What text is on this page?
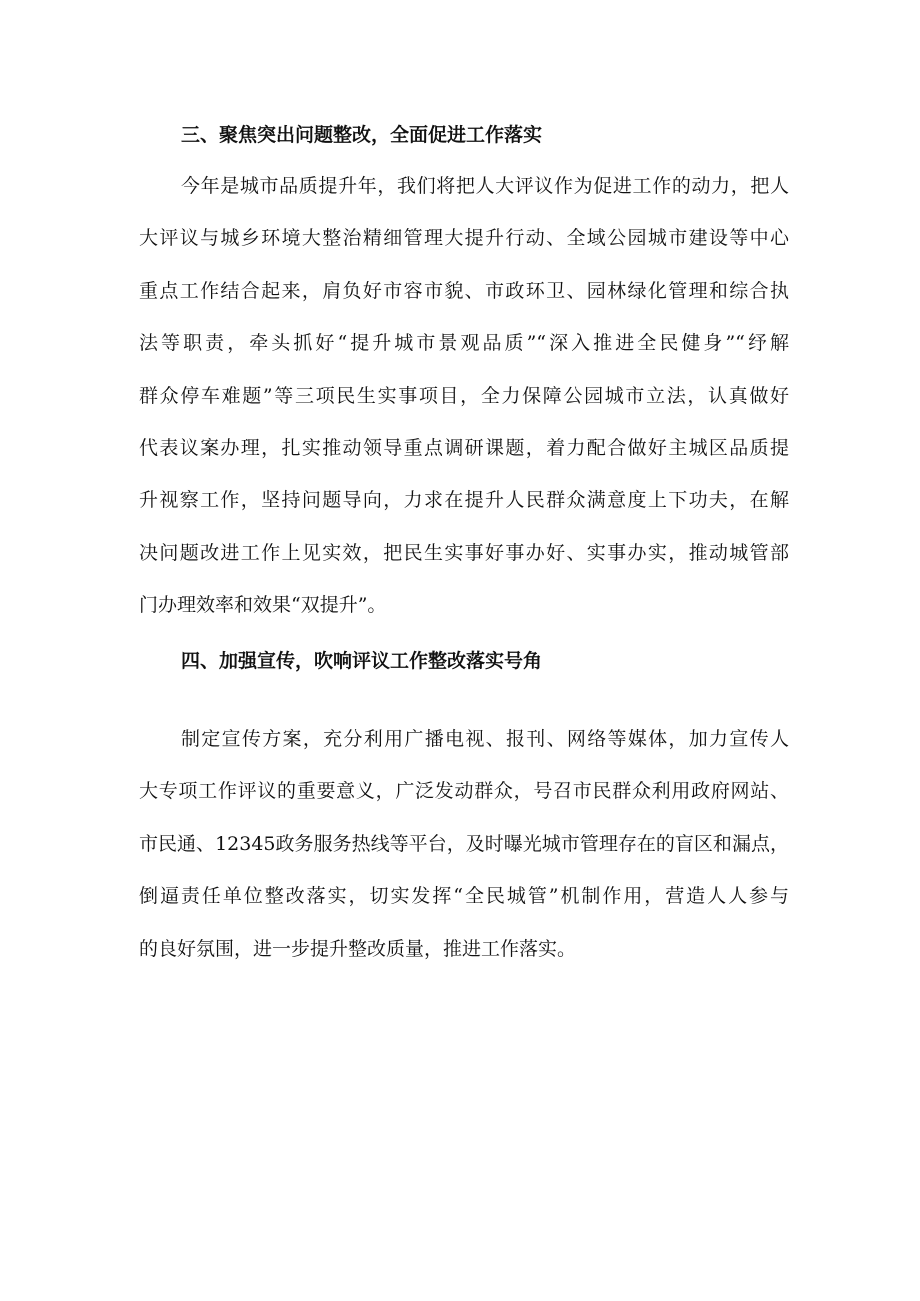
三、聚焦突出问题整改，全面促进工作落实
今年是城市品质提升年，我们将把人大评议作为促进工作的动力，把人
大评议与城乡环境大整治精细管理大提升行动、全域公园城市建设等中心
重点工作结合起来，肩负好市容市貌、市政环卫、园林绿化管理和综合执
法等职责，牵头抓好“提升城市景观品质”“深入推进全民健身”“纾解
群众停车难题”等三项民生实事项目，全力保障公园城市立法，认真做好
代表议案办理，扎实推动领导重点调研课题，着力配合做好主城区品质提
升视察工作，坚持问题导向，力求在提升人民群众满意度上下功夫，在解
决问题改进工作上见实效，把民生实事好事办好、实事办实，推动城管部
门办理效率和效果“双提升”。
四、加强宣传，吹响评议工作整改落实号角
制定宣传方案，充分利用广播电视、报刊、网络等媒体，加力宣传人
大专项工作评议的重要意义，广泛发动群众，号召市民群众利用政府网站、
市民通、12345政务服务热线等平台，及时曝光城市管理存在的盲区和漏点，
倒逼责任单位整改落实，切实发挥“全民城管”机制作用，营造人人参与
的良好氛围，进一步提升整改质量，推进工作落实。
